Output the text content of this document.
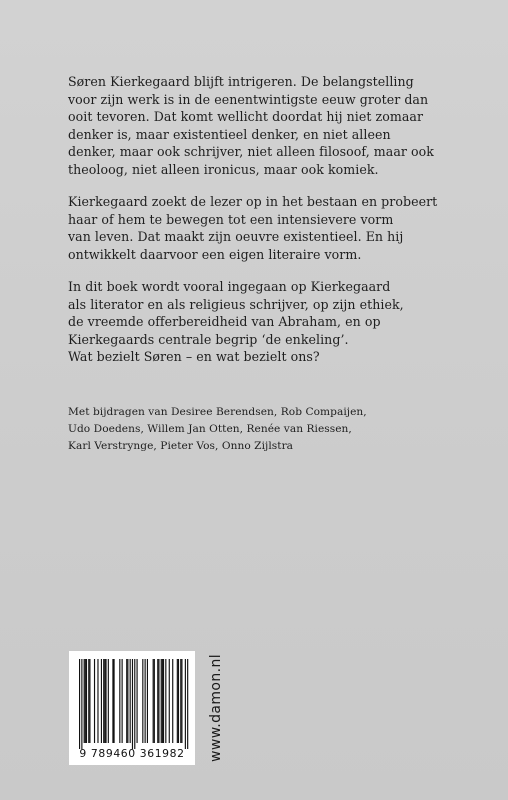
Søren Kierkegaard blijft intrigeren. De belangstelling
voor zijn werk is in de eenentwintigste eeuw groter dan
ooit tevoren. Dat komt wellicht doordat hij niet zomaar
denker is, maar existentieel denker, en niet alleen
denker, maar ook schrijver, niet alleen filosoof, maar ook
theoloog, niet alleen ironicus, maar ook komiek.

Kierkegaard zoekt de lezer op in het bestaan en probeert
haar of hem te bewegen tot een intensievere vorm
van leven. Dat maakt zijn oeuvre existentieel. En hij
ontwikkelt daarvoor een eigen literaire vorm.

In dit boek wordt vooral ingegaan op Kierkegaard
als literator en als religieus schrijver, op zijn ethiek,
de vreemde offerbereidheid van Abraham, en op
Kierkegaards centrale begrip ‘de enkeling’.
Wat bezielt Søren – en wat bezielt ons?

Met bijdragen van Desiree Berendsen, Rob Compaijen,
Udo Doedens, Willem Jan Otten, Renée van Riessen,
Karl Verstrynge, Pieter Vos, Onno Zijlstra
9 789460 361982	www.damon.nl
